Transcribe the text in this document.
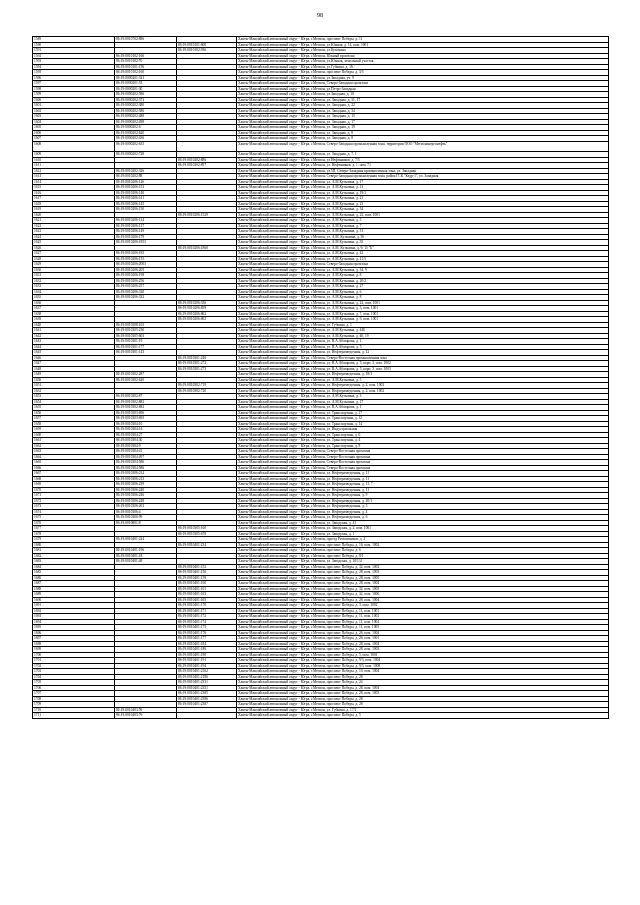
98
1589	86:19:0010702:886		Ханты-Мансийский автономный округ - Югра, г.Мегион, проспект Победы, д. 11
1590		86:19:0010101:600	Ханты-Мансийский автономный округ - Югра, г.Мегион, ул.Южная, д. 14, пом. 1001
1591		86:19:0010102:936	Ханты-Мансийский автономный округ - Югра, г.Мегион, ул.Кузьмина
1592	86:19:0010102:166		Ханты-Мансийский автономный округ - Югра, г.Мегион, Южный промзона
1593	86:19:0010102:70		Ханты-Мансийский автономный округ - Югра, г.Мегион, ул.Южная, земельный участок
1594	86:19:0010101:156		Ханты-Мансийский автономный округ - Югра, г.Мегион, ул.Губкина, д. 16
1595	86:19:0010102:160		Ханты-Мансийский автономный округ - Югра, г.Мегион, проспект Победы, д. 3/5
1596	86:19:0000201:321		Ханты-Мансийский автономный округ - Югра, г.Мегион, ул.Западная, уч. 9
1597	86:19:0000201:53		Ханты-Мансийский автономный округ - Югра, г.Мегион, Северо-Западная промзона
1598	86:19:0000201:30		Ханты-Мансийский автономный округ - Югра, г.Мегион, ул.Петро-Западная
1599	86:19:0000202:586		Ханты-Мансийский автономный округ - Югра, г.Мегион, ул.Западная, д. 18
1600	86:19:0000202:373		Ханты-Мансийский автономный округ - Югра, г.Мегион, ул. Западная, д. 31, 17
1601	86:19:0000202:380		Ханты-Мансийский автономный округ - Югра, г.Мегион, ул. Западная, д. 22
1602	86:19:0000202:586		Ханты-Мансийский автономный округ - Югра, г.Мегион, ул. Западная, д. 34
1603	86:19:0000202:488		Ханты-Мансийский автономный округ - Югра, г.Мегион, ул. Западная, д. 15
1604	86:19:0000202:498		Ханты-Мансийский автономный округ - Югра, г.Мегион, ул. Западная, д. 17
1605	86:19:0000202:6		Ханты-Мансийский автономный округ - Югра, г.Мегион, ул. Западная, д. 19
1606	86:19:0000202:620		Ханты-Мансийский автономный округ - Югра, г.Мегион, ул. Западная, д. 8
1607	86:19:0000202:436		Ханты-Мансийский автономный округ - Югра, г.Мегион, ул. Западная, д. 8
1608	86:19:0000202:635		Ханты-Мансийский автономный округ - Югра, г.Мегион, Северо-Западная промышленная зона, территория ООО "Мегионэнергонефть"
1609	86:19:0000202:728		Ханты-Мансийский автономный округ - Югра, г.Мегион, ул. Западная, д. 7, 1
1610		86:19:0010202:886	Ханты-Мансийский автономный округ - Югра, г.Мегион, ул.Нефтяников, д. 7/5
1611		86:19:0010202:897	Ханты-Мансийский автономный округ - Югра, г.Мегион, ул. Нефтяников, д. 1, пом. 71
1612	86:19:0010202:326		Ханты-Мансийский автономный округ - Югра, г.Мегион, ул.5П, Северо-Западная промышленная зона, ул. Западная
1613	86:19:0010202:88		Ханты-Мансийский автономный округ - Югра, г.Мегион, Северо-Западная промышленная зона, район ГСК "Кедр-1", ул. Западная
1614	86:19:0010206:126		Ханты-Мансийский автономный округ - Югра, г.Мегион, ул. А.М.Кузьмина, д. 17
1615	86:19:0010206:153		Ханты-Мансийский автономный округ - Югра, г.Мегион, ул. А.М.Кузьмина, д. 13
1616	86:19:0010206:140		Ханты-Мансийский автономный округ - Югра, г.Мегион, ул. А.М.Кузьмина, д. 19/1
1617	86:19:0010206:141		Ханты-Мансийский автономный округ - Югра, г.Мегион, ул. А.М.Кузьмина, д. 21
1618	86:19:0010206:145		Ханты-Мансийский автономный округ - Югра, г.Мегион, ул. А.М.Кузьмина, д. 23
1619	86:19:0010206:150		Ханты-Мансийский автономный округ - Югра, г.Мегион, ул. А.М.Кузьмина, д. 34
1620		86:19:0010206:1529	Ханты-Мансийский автономный округ - Югра, г.Мегион, ул. А.М.Кузьмина, д. 22, пом. 1001
1621	86:19:0010206:134		Ханты-Мансийский автономный округ - Югра, г.Мегион, ул. А.М.Кузьмина, д. 5
1622	86:19:0010206:137		Ханты-Мансийский автономный округ - Югра, г.Мегион, ул. А.М.Кузьмина, д. 7
1623	86:19:0010206:149		Ханты-Мансийский автономный округ - Югра, г.Мегион, ул. А.М.Кузьмина, д. 31
1624	86:19:0010206:179		Ханты-Мансийский автономный округ - Югра, г.Мегион, ул. А.М. Кузьмина, д. 56
1625	86:19:0010206:1853		Ханты-Мансийский автономный округ - Югра, г.Мегион, ул. А.М.Кузьмина, д. 35
1626		86:19:0010206:1860	Ханты-Мансийский автономный округ - Югра, г.Мегион, ул. А.М. Кузьмина, д. 9/ 15 "Б"
1627	86:19:0010206:185		Ханты-Мансийский автономный округ - Югра, г.Мегион, ул. А.М.Кузьмина, д. 42
1628	86:19:0010206:155		Ханты-Мансийский автономный округ - Югра, г.Мегион, ул. А.М.Кузьмина, д. 41/5
1629	86:19:0010206:2003		Ханты-Мансийский автономный округ - Югра, г.Мегион, Северо-Западная промзона
1630	86:19:0010206:205		Ханты-Мансийский автономный округ - Югра, г.Мегион, ул. А.М.Кузьмина, д. 34, 9
1631	86:19:0010206:198		Ханты-Мансийский автономный округ - Югра, г.Мегион, ул. А.М.Кузьмина, д. 8
1632	86:19:0010206:256		Ханты-Мансийский автономный округ - Югра, г.Мегион, ул. А.М.Кузьмина, д. 20/2
1633	86:19:0010206:257		Ханты-Мансийский автономный округ - Югра, г.Мегион, ул. А.М.Кузьмина, д. 27
1634	86:19:0010206:330		Ханты-Мансийский автономный округ - Югра, г.Мегион, ул. А.М.Кузьмина, д. 6
1635	86:19:0010206:332		Ханты-Мансийский автономный округ - Югра, г.Мегион, ул. А.М.Кузьмина, д. 8
1636		86:19:0010206:336	Ханты-Мансийский автономный округ - Югра, г.Мегион, ул. А.М.Кузьмина, д. 24, пом. 1001
1637		86:19:0010206:859	Ханты-Мансийский автономный округ - Югра, г.Мегион, ул. А.М.Кузьмина, д. 3, пом. 1001
1638		86:19:0010206:862	Ханты-Мансийский автономный округ - Югра, г.Мегион, ул. А.М.Кузьмина, д. 7, пом. 1001
1639		86:19:0010206:863	Ханты-Мансийский автономный округ - Югра, г.Мегион, ул. А.М.Кузьмина, д. 9, пом. 1001
1640	86:19:0010308:165		Ханты-Мансийский автономный округ - Югра, г.Мегион, ул. Губкина, д. 1
1641	86:19:0010305:230		Ханты-Мансийский автономный округ - Югра, г.Мегион, ул. А.М.Кузьмина, д. 44Б
1642	86:19:0010305:603		Ханты-Мансийский автономный округ - Югра, г.Мегион, ул. А.М.Кузьмина, д. 40, 19
1643	86:19:0010301:19		Ханты-Мансийский автономный округ - Югра, г.Мегион, ул. В.А.Абазарова, д. 1
1644	86:19:0010301:177		Ханты-Мансийский автономный округ - Югра, г.Мегион, ул. В.А.Абазарова, д. 5
1645	86:19:0010301:143		Ханты-Мансийский автономный округ - Югра, г.Мегион, ул. Нефтеразведочная, д. 12
1646		86:19:0010301:246	Ханты-Мансийский автономный округ - Югра, г.Мегион, Северо-Восточная промышленная зона
1647		86:19:0010301:272	Ханты-Мансийский автономный округ - Югра, г.Мегион, ул. В.А.Абазарова, д. 5, корп. 3, пом. 1002
1648		86:19:0010301:273	Ханты-Мансийский автономный округ - Югра, г.Мегион, ул. В.А.Абазарова, д. 5, корп. 3, пом. 1003
1649	86:19:0010302:287		Ханты-Мансийский автономный округ - Югра, г.Мегион, ул. Нефтеразведочная, д. 18/1
1650	86:19:0010302:620		Ханты-Мансийский автономный округ - Югра, г.Мегион, ул. А.М.Кузьмина, д. 5
1651		86:19:0010302:719	Ханты-Мансийский автономный округ - Югра, г.Мегион, ул. Нефтеразведочная, д. 2, пом. 1003
1652		86:19:0010302:720	Ханты-Мансийский автономный округ - Югра, г.Мегион, ул. Нефтеразведочная, д. 2, пом. 1002
1653	86:19:0010302:87		Ханты-Мансийский автономный округ - Югра, г.Мегион, ул. А.М.Кузьмина, д. 3
1654	86:19:0010302:882		Ханты-Мансийский автономный округ - Югра, г.Мегион, ул. А.М.Кузьмина, д. 17
1655	86:19:0010302:882		Ханты-Мансийский автономный округ - Югра, г.Мегион, ул. В.А.Абазарова, д. 1
1656	86:19:0010303:696		Ханты-Мансийский автономный округ - Югра, г.Мегион, ул. Транспортная, д. 17
1657	86:19:0010303:695		Ханты-Мансийский автономный округ - Югра, г.Мегион, ул. Транспортная, д. 12
1658	86:19:0010304:10		Ханты-Мансийский автономный округ - Югра, г.Мегион, ул. Транспортная, д. 14
1659	86:19:0010304:14		Ханты-Мансийский автономный округ - Югра, г.Мегион, ул. Индустриальная
1660	86:19:0010304:27		Ханты-Мансийский автономный округ - Югра, г.Мегион, ул. Транспортная, д. 6
1661	86:19:0010304:30		Ханты-Мансийский автономный округ - Югра, г.Мегион, ул. Транспортная, д. 4
1662	86:19:0010304:9		Ханты-Мансийский автономный округ - Югра, г.Мегион, ул. Транспортная, д. 8
1663	86:19:0010304:41		Ханты-Мансийский автономный округ - Югра, г.Мегион, Северо-Восточная промзона
1664	86:19:0010304:497		Ханты-Мансийский автономный округ - Югра, г.Мегион, Северо-Восточная промзона
1665	86:19:0010304:586		Ханты-Мансийский автономный округ - Югра, г.Мегион, Северо-Восточная промзона
1666	86:19:0010304:586		Ханты-Мансийский автономный округ - Югра, г.Мегион, Северо-Восточная промзона
1667	86:19:0010306:212		Ханты-Мансийский автономный округ - Югра, г.Мегион, ул. Нефтеразведочная, д. 11
1668	86:19:0010306:213		Ханты-Мансийский автономный округ - Югра, г.Мегион, ул. Нефтеразведочная, д. 11
1669	86:19:0010306:239		Ханты-Мансийский автономный округ - Югра, г.Мегион, ул. Нефтеразведочная, д. 11, 7
1670	86:19:0010306:240		Ханты-Мансийский автономный округ - Югра, г.Мегион, ул. Нефтеразведочная, д. 11
1671	86:19:0010306:246		Ханты-Мансийский автономный округ - Югра, г.Мегион, ул. Нефтеразведочная, д. 9
1672	86:19:0010306:248		Ханты-Мансийский автономный округ - Югра, г.Мегион, ул. Нефтеразведочная, д. 20/1
1673	86:19:0010306:263		Ханты-Мансийский автономный округ - Югра, г.Мегион, ул. Нефтеразведочная, д. 5
1674	86:19:0010306:4		Ханты-Мансийский автономный округ - Югра, г.Мегион, ул. Нефтеразведочная, д. 4
1675	86:19:0010306:99		Ханты-Мансийский автономный округ - Югра, г.Мегион, ул. Нефтеразведочная, д. 6
1676	86:19:0010801:8		Ханты-Мансийский автономный округ - Югра, г.Мегион, ул. Заводская, д. 41
1677		86:19:0010305:160	Ханты-Мансийский автономный округ - Югра, г.Мегион, ул. Заводская, д. 2, пом. 1001
1678		86:19:0010305:678	Ханты-Мансийский автономный округ - Югра, г.Мегион, ул. Заводская, д. 1
1679	86:19:0010401:224		Ханты-Мансийский автономный округ - Югра, г.Мегион, проезд Ремонтников, д. 2
1680		86:19:0010401:234	Ханты-Мансийский автономный округ - Югра, г.Мегион, проспект Победы, д. 16, пом. 1002
1681	86:19:0010401:196		Ханты-Мансийский автономный округ - Югра, г.Мегион, проспект Победы, д. 6
1682	86:19:0010401:18		Ханты-Мансийский автономный округ - Югра, г.Мегион, проспект Победы, д. 8/1
1683	86:19:0010401:48		Ханты-Мансийский автономный округ - Югра, г.Мегион, ул. Заводская, д. 10/1/4
1684		86:19:0010401:152	Ханты-Мансийский автономный округ - Югра, г.Мегион, проспект Победы, д. 32, пом. 1002
1685		86:19:0010401:156	Ханты-Мансийский автономный округ - Югра, г.Мегион, проспект Победы, д. 28, пом. 1003
1686		86:19:0010401:159	Ханты-Мансийский автономный округ - Югра, г.Мегион, проспект Победы, д. 28, пом. 1005
1687		86:19:0010401:160	Ханты-Мансийский автономный округ - Югра, г.Мегион, проспект Победы, д. 28, пом. 1004
1688		86:19:0010401:161	Ханты-Мансийский автономный округ - Югра, г.Мегион, проспект Победы, д. 32, пом. 1003
1689		86:19:0010401:163	Ханты-Мансийский автономный округ - Югра, г.Мегион, проспект Победы, д. 32, пом. 1006
1690		86:19:0010401:165	Ханты-Мансийский автономный округ - Югра, г.Мегион, проспект Победы, д. 28, пом. 1004
1691		86:19:0010401:170	Ханты-Мансийский автономный округ - Югра, г.Мегион, проспект Победы, д. 3, пом. 1002
1692		86:19:0010401:171	Ханты-Мансийский автономный округ - Югра, г.Мегион, проспект Победы, д. 11, пом. 1001
1693		86:19:0010401:172	Ханты-Мансийский автономный округ - Югра, г.Мегион, проспект Победы, д. 11, пом. 1002
1694		86:19:0010401:174	Ханты-Мансийский автономный округ - Югра, г.Мегион, проспект Победы, д. 11, пом. 1004
1695		86:19:0010401:175	Ханты-Мансийский автономный округ - Югра, г.Мегион, проспект Победы, д. 11, пом. 1005
1696		86:19:0010401:176	Ханты-Мансийский автономный округ - Югра, г.Мегион, проспект Победы, д. 26, пом. 1004
1697		86:19:0010401:177	Ханты-Мансийский автономный округ - Югра, г.Мегион, проспект Победы, д. 26, пом. 1001
1698		86:19:0010401:184	Ханты-Мансийский автономный округ - Югра, г.Мегион, проспект Победы, д. 28, пом. 1002
1699		86:19:0010401:186	Ханты-Мансийский автономный округ - Югра, г.Мегион, проспект Победы, д. 28, пом. 1003
1700		86:19:0010401:190	Ханты-Мансийский автономный округ - Югра, г.Мегион, проспект Победы, д. 5, пом. 1001
1701		86:19:0010401:191	Ханты-Мансийский автономный округ - Югра, г.Мегион, проспект Победы, д. 9/3, пом. 1004
1702		86:19:0010401:194	Ханты-Мансийский автономный округ - Югра, г.Мегион, проспект Победы, д. 9/3, пом. 1008
1703		86:19:0010401:2162	Ханты-Мансийский автономный округ - Югра, г.Мегион, проспект Победы, д. 10, пом. 1004
1704		86:19:0010401:2186	Ханты-Мансийский автономный округ - Югра, г.Мегион, проспект Победы, д. 28
1705		86:19:0010401:2331	Ханты-Мансийский автономный округ - Югра, г.Мегион, проспект Победы, д. 24
1706		86:19:0010401:2351	Ханты-Мансийский автономный округ - Югра, г.Мегион, проспект Победы, д. 28, пом. 1004
1707		86:19:0010401:2385	Ханты-Мансийский автономный округ - Югра, г.Мегион, проспект Победы, д. 28, пом. 1003
1708		86:19:0010401:2386	Ханты-Мансийский автономный округ - Югра, г.Мегион, проспект Победы, д. 28
1709		86:19:0010401:2387	Ханты-Мансийский автономный округ - Югра, г.Мегион, проспект Победы, д. 28
1710	86:19:0010403:59		Ханты-Мансийский автономный округ - Югра, г.Мегион, ул. Губкина, д. 17/2
1711	86:19:0010403:76		Ханты-Мансийский автономный округ - Югра, г.Мегион, проспект Победы, д. 5
